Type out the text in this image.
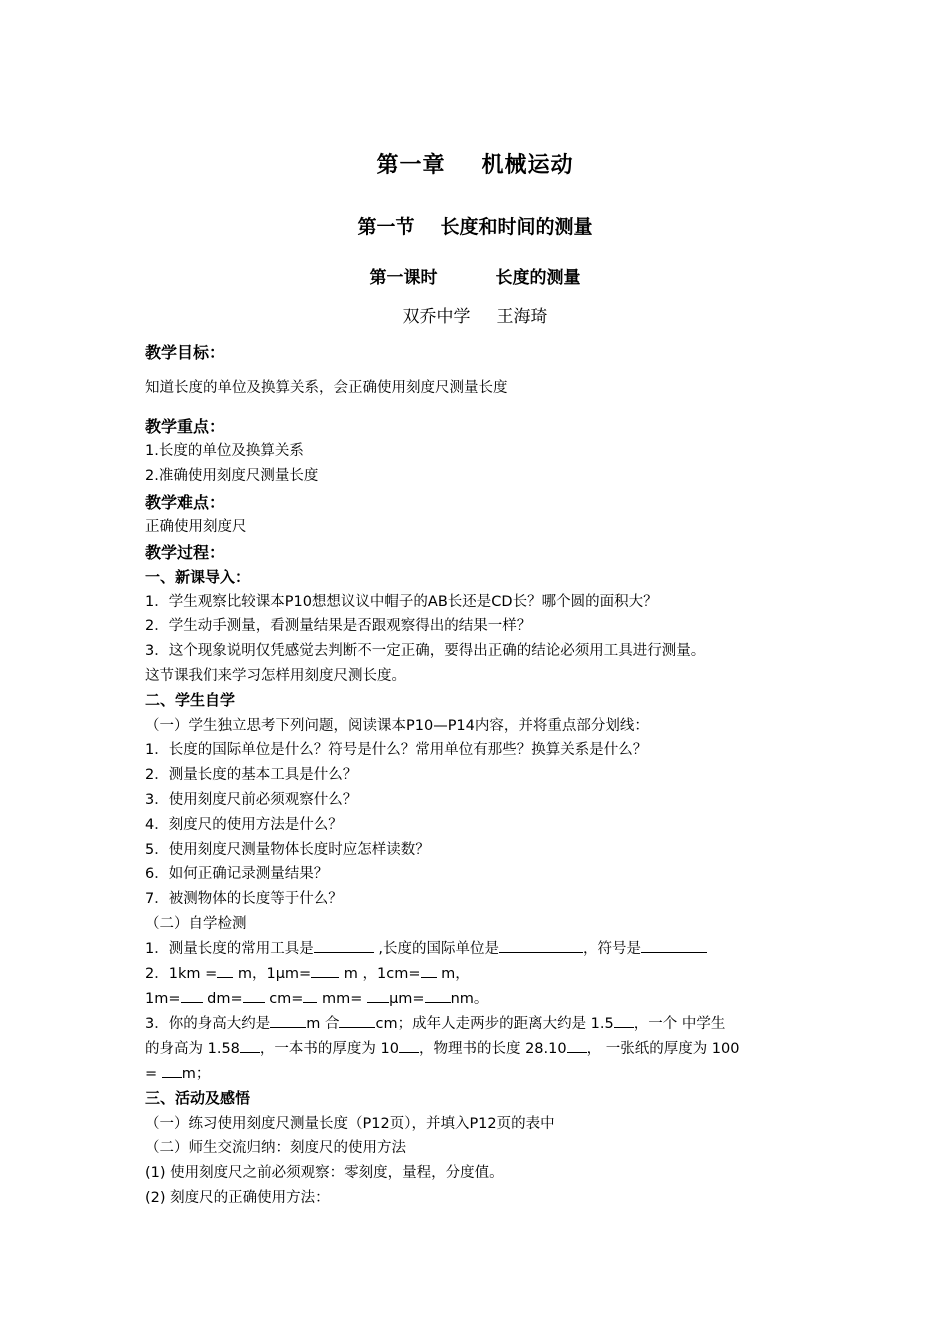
第一章 机械运动
第一节 长度和时间的测量
第一课时	长度的测量
双乔中学 王海琦
教学目标：
知道长度的单位及换算关系，会正确使用刻度尺测量长度
教学重点：
1.长度的单位及换算关系
2.准确使用刻度尺测量长度
教学难点：
正确使用刻度尺
教学过程：
一、新课导入：
1．学生观察比较课本P10想想议议中帽子的AB长还是CD长？哪个圆的面积大？
2．学生动手测量，看测量结果是否跟观察得出的结果一样？
3．这个现象说明仅凭感觉去判断不一定正确，要得出正确的结论必须用工具进行测量。
这节课我们来学习怎样用刻度尺测长度。
二、学生自学
（一）学生独立思考下列问题，阅读课本P10—P14内容，并将重点部分划线：
1．长度的国际单位是什么？符号是什么？常用单位有那些？换算关系是什么？
2．测量长度的基本工具是什么？
3．使用刻度尺前必须观察什么？
4．刻度尺的使用方法是什么？
5．使用刻度尺测量物体长度时应怎样读数？
6．如何正确记录测量结果？
7．被测物体的长度等于什么？
（二）自学检测
1．测量长度的常用工具是	,长度的国际单位是	，符号是
2．1km = m，1μm= m ，1cm= m，
1m= dm= cm= mm= μm= nm。
3．你的身高大约是 m 合 cm；成年人走两步的距离大约是 1.5 ，一个 中学生
的身高为 1.58 ，一本书的厚度为 10 ，物理书的长度 28.10 ， 一张纸的厚度为 100
= m；
三、活动及感悟
（一）练习使用刻度尺测量长度（P12页），并填入P12页的表中
（二）师生交流归纳：刻度尺的使用方法
(1) 使用刻度尺之前必须观察：零刻度，量程，分度值。
(2) 刻度尺的正确使用方法：
